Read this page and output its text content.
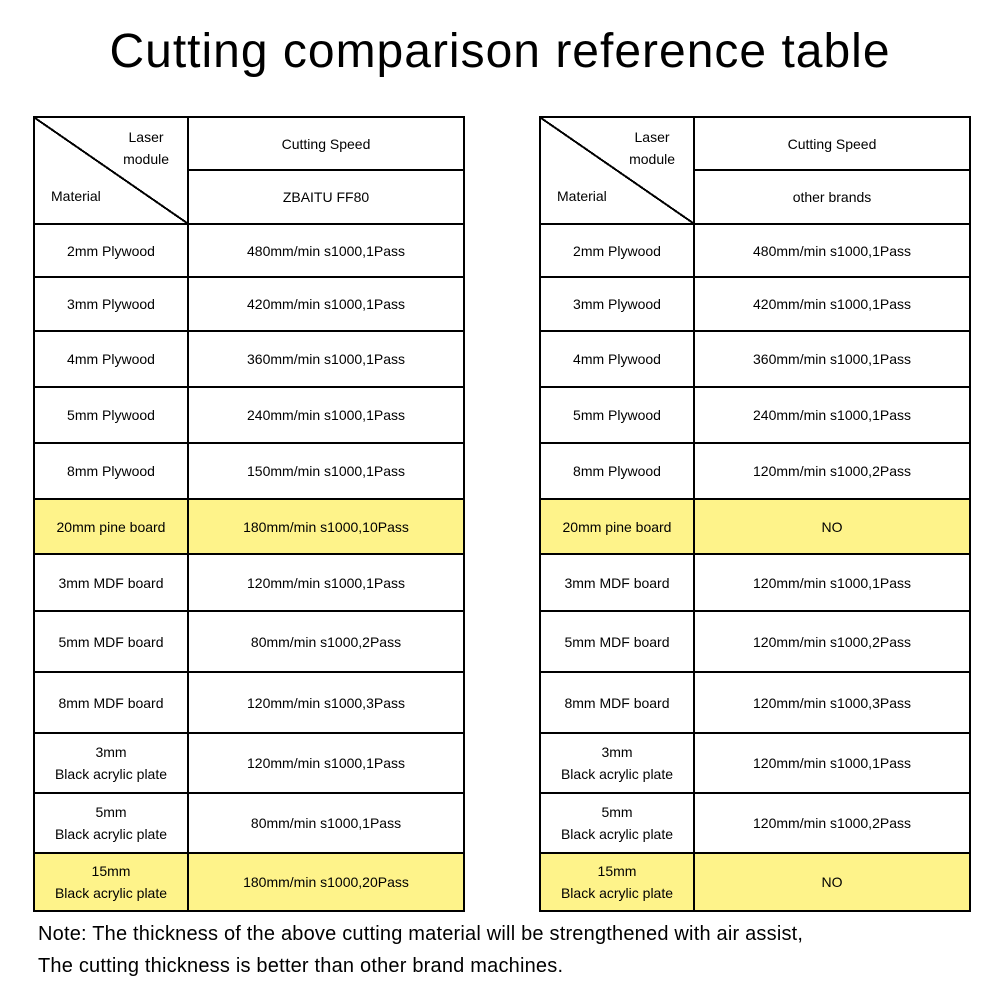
Cutting comparison reference table
Laser
module
Material	Cutting Speed
	ZBAITU FF80
2mm Plywood	480mm/min s1000,1Pass
3mm Plywood	420mm/min s1000,1Pass
4mm Plywood	360mm/min s1000,1Pass
5mm Plywood	240mm/min s1000,1Pass
8mm Plywood	150mm/min s1000,1Pass
20mm pine board	180mm/min s1000,10Pass
3mm MDF board	120mm/min s1000,1Pass
5mm MDF board	80mm/min s1000,2Pass
8mm MDF board	120mm/min s1000,3Pass

3mm
Black acrylic plate	120mm/min s1000,1Pass

5mm
Black acrylic plate	80mm/min s1000,1Pass

15mm
Black acrylic plate	180mm/min s1000,20Pass
Laser
module
Material	Cutting Speed
	other brands
2mm Plywood	480mm/min s1000,1Pass
3mm Plywood	420mm/min s1000,1Pass
4mm Plywood	360mm/min s1000,1Pass
5mm Plywood	240mm/min s1000,1Pass
8mm Plywood	120mm/min s1000,2Pass
20mm pine board	NO
3mm MDF board	120mm/min s1000,1Pass
5mm MDF board	120mm/min s1000,2Pass
8mm MDF board	120mm/min s1000,3Pass

3mm
Black acrylic plate	120mm/min s1000,1Pass

5mm
Black acrylic plate	120mm/min s1000,2Pass

15mm
Black acrylic plate	NO
Note: The thickness of the above cutting material will be strengthened with air assist,
The cutting thickness is better than other brand machines.
